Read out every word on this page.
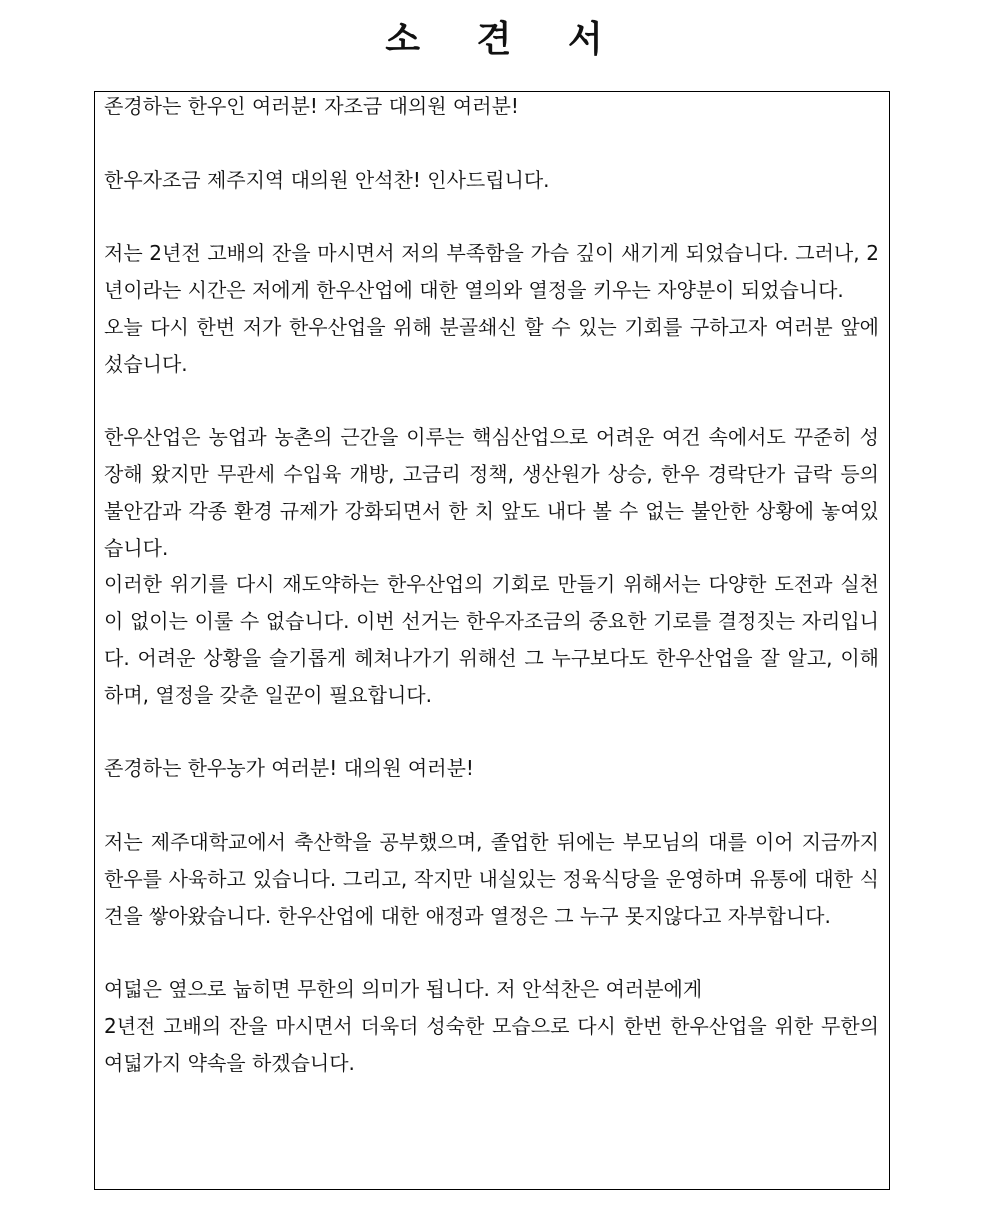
소 견 서

존경하는 한우인 여러분! 자조금 대의원 여러분!

한우자조금 제주지역 대의원 안석찬! 인사드립니다.

저는 2년전 고배의 잔을 마시면서 저의 부족함을 가슴 깊이 새기게 되었습니다. 그러나, 2년이라는 시간은 저에게 한우산업에 대한 열의와 열정을 키우는 자양분이 되었습니다.

오늘 다시 한번 저가 한우산업을 위해 분골쇄신 할 수 있는 기회를 구하고자 여러분 앞에 섰습니다.

한우산업은 농업과 농촌의 근간을 이루는 핵심산업으로 어려운 여건 속에서도 꾸준히 성장해 왔지만 무관세 수입육 개방, 고금리 정책, 생산원가 상승, 한우 경락단가 급락 등의 불안감과 각종 환경 규제가 강화되면서 한 치 앞도 내다 볼 수 없는 불안한 상황에 놓여있습니다.

이러한 위기를 다시 재도약하는 한우산업의 기회로 만들기 위해서는 다양한 도전과 실천이 없이는 이룰 수 없습니다. 이번 선거는 한우자조금의 중요한 기로를 결정짓는 자리입니다. 어려운 상황을 슬기롭게 헤쳐나가기 위해선 그 누구보다도 한우산업을 잘 알고, 이해하며, 열정을 갖춘 일꾼이 필요합니다.

존경하는 한우농가 여러분! 대의원 여러분!

저는 제주대학교에서 축산학을 공부했으며, 졸업한 뒤에는 부모님의 대를 이어 지금까지 한우를 사육하고 있습니다. 그리고, 작지만 내실있는 정육식당을 운영하며 유통에 대한 식견을 쌓아왔습니다. 한우산업에 대한 애정과 열정은 그 누구 못지않다고 자부합니다.

여덟은 옆으로 눕히면 무한의 의미가 됩니다. 저 안석찬은 여러분에게

2년전 고배의 잔을 마시면서 더욱더 성숙한 모습으로 다시 한번 한우산업을 위한 무한의 여덟가지 약속을 하겠습니다.
